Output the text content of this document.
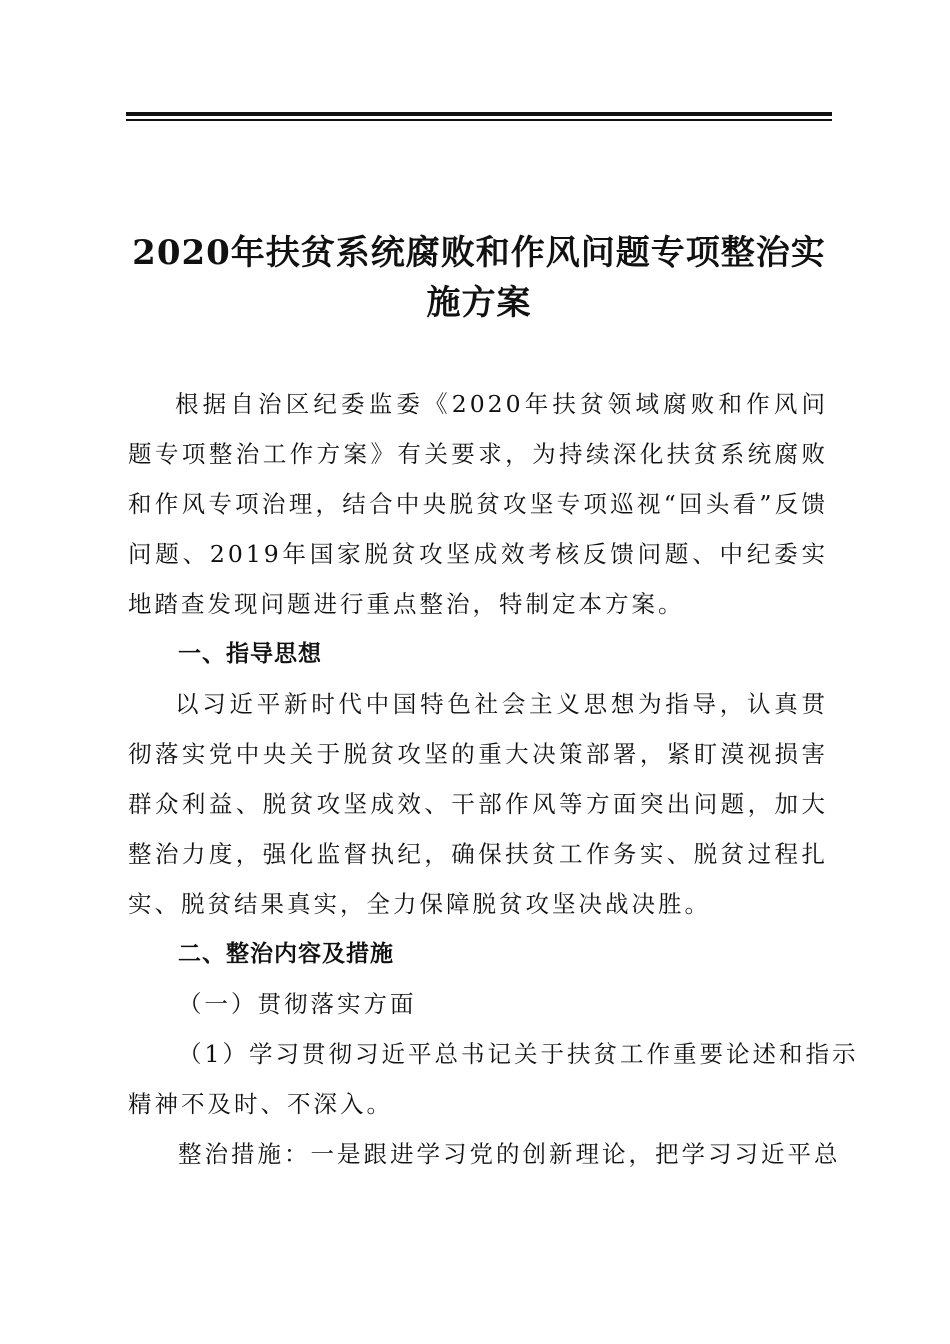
2020年扶贫系统腐败和作风问题专项整治实施方案

根据自治区纪委监委《2020年扶贫领域腐败和作风问题专项整治工作方案》有关要求，为持续深化扶贫系统腐败和作风专项治理，结合中央脱贫攻坚专项巡视“回头看”反馈问题、2019年国家脱贫攻坚成效考核反馈问题、中纪委实地踏查发现问题进行重点整治，特制定本方案。

一、指导思想

以习近平新时代中国特色社会主义思想为指导，认真贯彻落实党中央关于脱贫攻坚的重大决策部署，紧盯漠视损害群众利益、脱贫攻坚成效、干部作风等方面突出问题，加大整治力度，强化监督执纪，确保扶贫工作务实、脱贫过程扎实、脱贫结果真实，全力保障脱贫攻坚决战决胜。

二、整治内容及措施

（一）贯彻落实方面

（1）学习贯彻习近平总书记关于扶贫工作重要论述和指示

精神不及时、不深入。

整治措施：一是跟进学习党的创新理论，把学习习近平总
